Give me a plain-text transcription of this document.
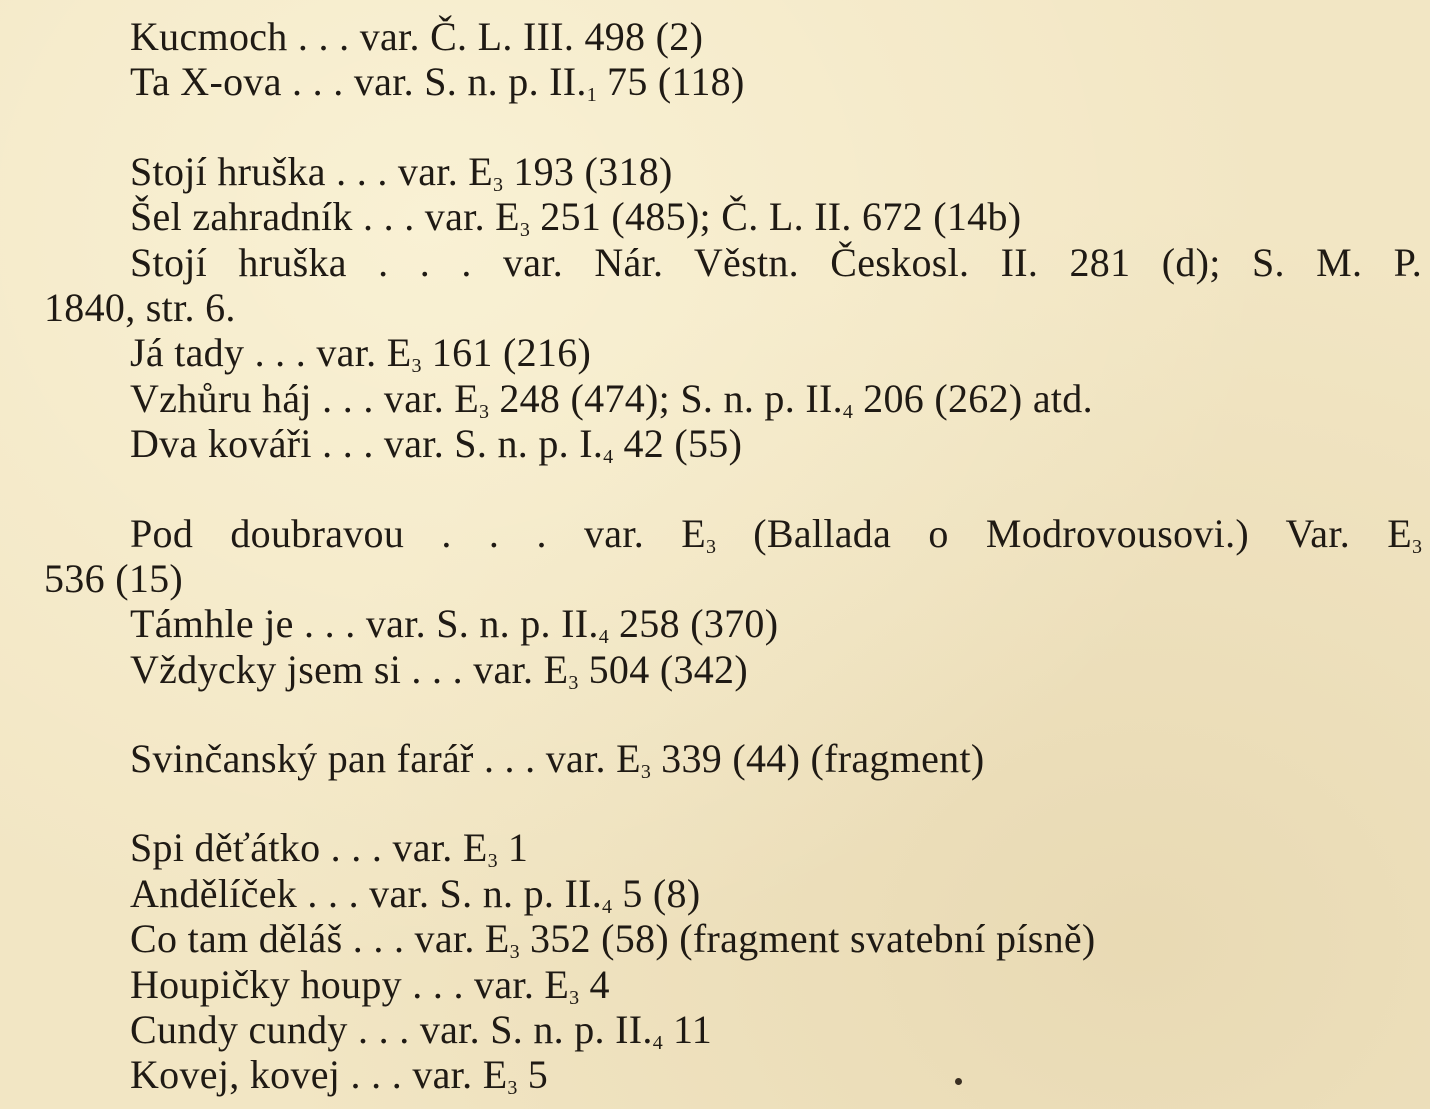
Kucmoch . . . var. Č. L. III. 498 (2)
Ta X-ova . . . var. S. n. p. $II._1$ 75 (118)
Stojí hruška . . . var. $E_3$ 193 (318)
Šel zahradník . . . var. $E_3$ 251 (485); Č. L. II. 672 (14b)
Stojí hruška . . . var. Nár. Věstn. Českosl. II. 281 (d); S. M. P.
1840, str. 6.
Já tady . . . var. $E_3$ 161 (216)
Vzhůru háj . . . var. $E_3$ 248 (474); S. n. p. $II._4$ 206 (262) atd.
Dva kováři . . . var. S. n. p. $I._4$ 42 (55)
Pod doubravou . . . var. $E_3$ (Ballada o Modrovousovi.) Var. $E_3$
536 (15)
Támhle je . . . var. S. n. p. $II._4$ 258 (370)
Vždycky jsem si . . . var. $E_3$ 504 (342)
Svinčanský pan farář . . . var. $E_3$ 339 (44) (fragment)
Spi děťátko . . . var. $E_3$ 1
Andělíček . . . var. S. n. p. $II._4$ 5 (8)
Co tam děláš . . . var. $E_3$ 352 (58) (fragment svatební písně)
Houpičky houpy . . . var. $E_3$ 4
Cundy cundy . . . var. S. n. p. $II._4$ 11
Kovej, kovej . . . var. $E_3$ 5
